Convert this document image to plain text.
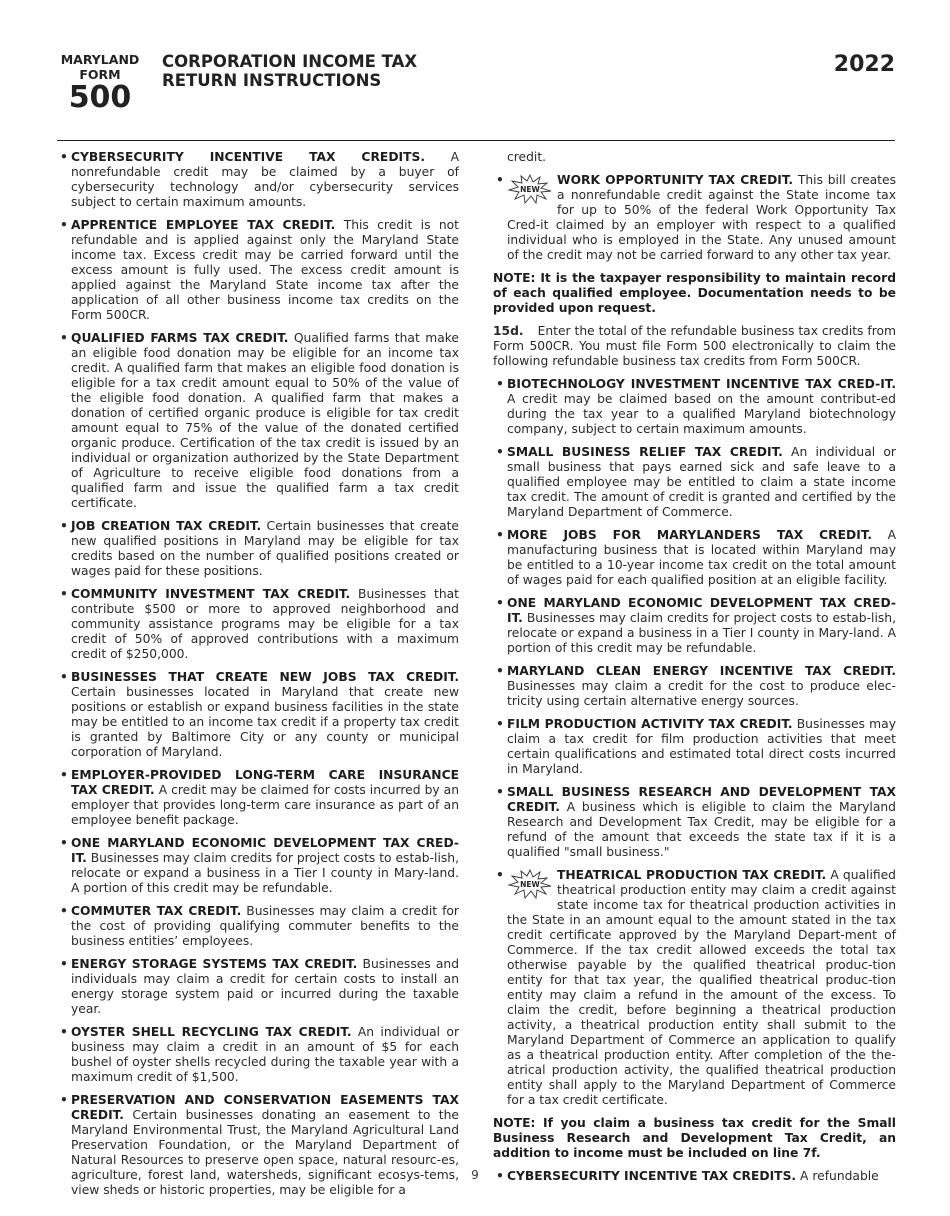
MARYLAND
FORM
500
CORPORATION INCOME TAX
RETURN INSTRUCTIONS
2022
• CYBERSECURITY INCENTIVE TAX CREDITS. A nonrefundable credit may be claimed by a buyer of cybersecurity technology and/or cybersecurity services subject to certain maximum amounts.
• APPRENTICE EMPLOYEE TAX CREDIT. This credit is not refundable and is applied against only the Maryland State income tax. Excess credit may be carried forward until the excess amount is fully used. The excess credit amount is applied against the Maryland State income tax after the application of all other business income tax credits on the Form 500CR.
• QUALIFIED FARMS TAX CREDIT. Qualified farms that make an eligible food donation may be eligible for an income tax credit. A qualified farm that makes an eligible food donation is eligible for a tax credit amount equal to 50% of the value of the eligible food donation. A qualified farm that makes a donation of certified organic produce is eligible for tax credit amount equal to 75% of the value of the donated certified organic produce. Certification of the tax credit is issued by an individual or organization authorized by the State Department of Agriculture to receive eligible food donations from a qualified farm and issue the qualified farm a tax credit certificate.
• JOB CREATION TAX CREDIT. Certain businesses that create new qualified positions in Maryland may be eligible for tax credits based on the number of qualified positions created or wages paid for these positions.
• COMMUNITY INVESTMENT TAX CREDIT. Businesses that contribute $500 or more to approved neighborhood and community assistance programs may be eligible for a tax credit of 50% of approved contributions with a maximum credit of $250,000.
• BUSINESSES THAT CREATE NEW JOBS TAX CREDIT. Certain businesses located in Maryland that create new positions or establish or expand business facilities in the state may be entitled to an income tax credit if a property tax credit is granted by Baltimore City or any county or municipal corporation of Maryland.
• EMPLOYER-PROVIDED LONG-TERM CARE INSURANCE TAX CREDIT. A credit may be claimed for costs incurred by an employer that provides long-term care insurance as part of an employee benefit package.
• ONE MARYLAND ECONOMIC DEVELOPMENT TAX CRED-IT. Businesses may claim credits for project costs to estab-lish, relocate or expand a business in a Tier I county in Mary-land. A portion of this credit may be refundable.
• COMMUTER TAX CREDIT. Businesses may claim a credit for the cost of providing qualifying commuter benefits to the business entities’ employees.
• ENERGY STORAGE SYSTEMS TAX CREDIT. Businesses and individuals may claim a credit for certain costs to install an energy storage system paid or incurred during the taxable year.
• OYSTER SHELL RECYCLING TAX CREDIT. An individual or business may claim a credit in an amount of $5 for each bushel of oyster shells recycled during the taxable year with a maximum credit of $1,500.
• PRESERVATION AND CONSERVATION EASEMENTS TAX CREDIT. Certain businesses donating an easement to the Maryland Environmental Trust, the Maryland Agricultural Land Preservation Foundation, or the Maryland Department of Natural Resources to preserve open space, natural resourc-es, agriculture, forest land, watersheds, significant ecosys-tems, view sheds or historic properties, may be eligible for a
credit.
•	WORK OPPORTUNITY TAX CREDIT.
NEW
This bill creates a nonrefundable credit against the State income tax for up to 50% of the federal Work Opportunity Tax Cred-it claimed by an employer with respect to a qualified individual who is employed in the State. Any unused amount of the credit may not be carried forward to any other tax year.
NOTE: It is the taxpayer responsibility to maintain record of each qualified employee. Documentation needs to be provided upon request.
15d. Enter the total of the refundable business tax credits from Form 500CR. You must file Form 500 electronically to claim the following refundable business tax credits from Form 500CR.
• BIOTECHNOLOGY INVESTMENT INCENTIVE TAX CRED-IT. A credit may be claimed based on the amount contribut-ed during the tax year to a qualified Maryland biotechnology company, subject to certain maximum amounts.
• SMALL BUSINESS RELIEF TAX CREDIT. An individual or small business that pays earned sick and safe leave to a qualified employee may be entitled to claim a state income tax credit. The amount of credit is granted and certified by the Maryland Department of Commerce.
• MORE JOBS FOR MARYLANDERS TAX CREDIT. A manufacturing business that is located within Maryland may be entitled to a 10-year income tax credit on the total amount of wages paid for each qualified position at an eligible facility.
• ONE MARYLAND ECONOMIC DEVELOPMENT TAX CRED-IT. Businesses may claim credits for project costs to estab-lish, relocate or expand a business in a Tier I county in Mary-land. A portion of this credit may be refundable.
• MARYLAND CLEAN ENERGY INCENTIVE TAX CREDIT. Businesses may claim a credit for the cost to produce elec-tricity using certain alternative energy sources.
• FILM PRODUCTION ACTIVITY TAX CREDIT. Businesses may claim a tax credit for film production activities that meet certain qualifications and estimated total direct costs incurred in Maryland.
• SMALL BUSINESS RESEARCH AND DEVELOPMENT TAX CREDIT. A business which is eligible to claim the Maryland Research and Development Tax Credit, may be eligible for a refund of the amount that exceeds the state tax if it is a qualified "small business."
•	THEATRICAL PRODUCTION TAX CREDIT.
NEW
A qualified theatrical production entity may claim a credit against state income tax for theatrical production activities in the State in an amount equal to the amount stated in the tax credit certificate approved by the Maryland Depart-ment of Commerce. If the tax credit allowed exceeds the total tax otherwise payable by the qualified theatrical produc-tion entity for that tax year, the qualified theatrical produc-tion entity may claim a refund in the amount of the excess. To claim the credit, before beginning a theatrical production activity, a theatrical production entity shall submit to the Maryland Department of Commerce an application to qualify as a theatrical production entity. After completion of the the-atrical production activity, the qualified theatrical production entity shall apply to the Maryland Department of Commerce for a tax credit certificate.
NOTE: If you claim a business tax credit for the Small Business Research and Development Tax Credit, an addition to income must be included on line 7f.
• CYBERSECURITY INCENTIVE TAX CREDITS. A refundable
9
